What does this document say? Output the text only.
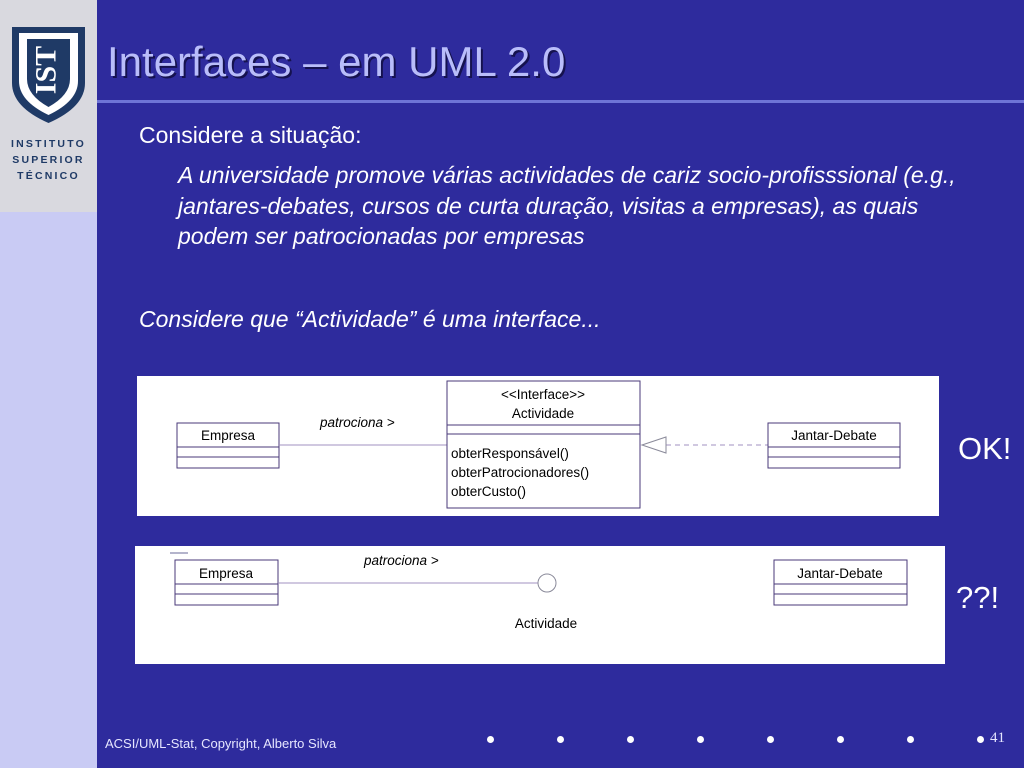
IST
INSTITUTO
SUPERIOR
TÉCNICO
Interfaces – em UML 2.0
Considere a situação:
A universidade promove várias actividades de cariz socio-profisssional (e.g., jantares-debates, cursos de curta duração, visitas a empresas), as quais podem ser patrocionadas por empresas
Considere que “Actividade” é uma interface...
Empresa
patrociona >
<<Interface>>
Actividade
obterResponsável()
obterPatrocionadores()
obterCusto()
Jantar-Debate	OK!
Empresa
patrociona >
Actividade
Jantar-Debate
??!
ACSI/UML-Stat, Copyright, Alberto Silva	41
